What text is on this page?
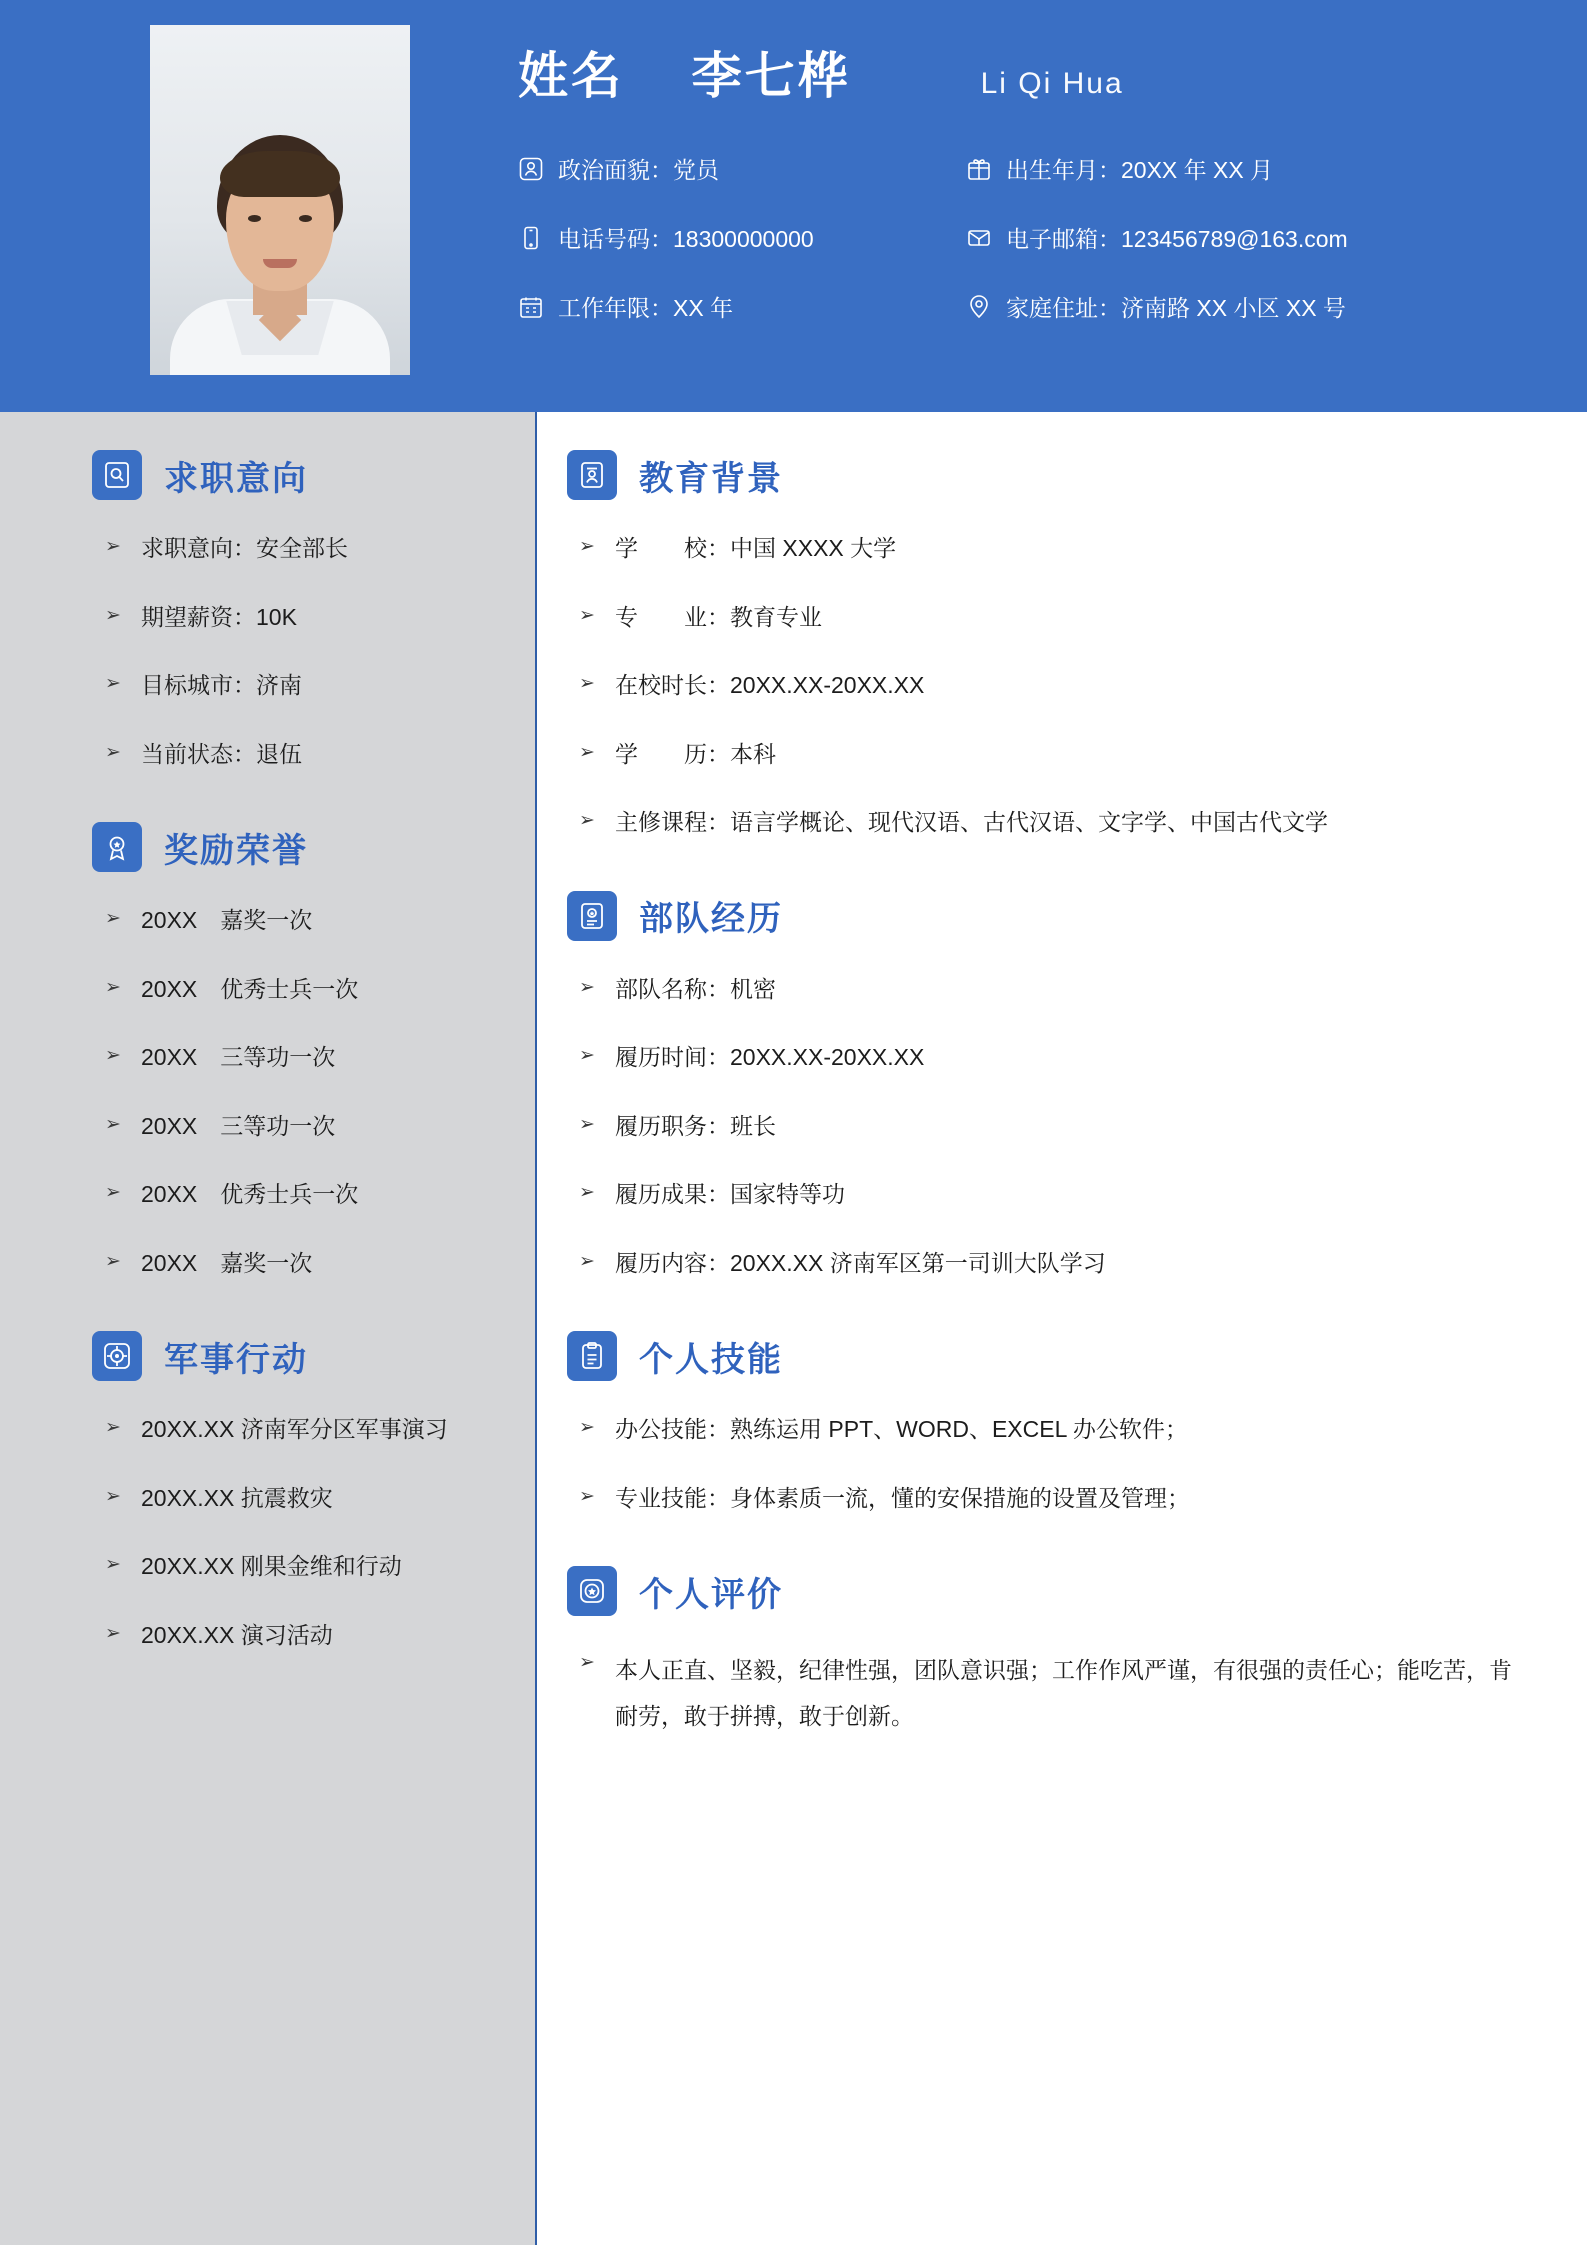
姓名 李七桦	Li Qi Hua
政治面貌：党员	出生年月：20XX 年 XX 月
电话号码：18300000000	电子邮箱：123456789@163.com
工作年限：XX 年	家庭住址：济南路 XX 小区 XX 号
求职意向
➢ 求职意向：安全部长
➢ 期望薪资：10K
➢ 目标城市：济南
➢ 当前状态：退伍
奖励荣誉
➢ 20XX 嘉奖一次
➢ 20XX 优秀士兵一次
➢ 20XX 三等功一次
➢ 20XX 三等功一次
➢ 20XX 优秀士兵一次
➢ 20XX 嘉奖一次
军事行动
➢ 20XX.XX 济南军分区军事演习
➢ 20XX.XX 抗震救灾
➢ 20XX.XX 刚果金维和行动
➢ 20XX.XX 演习活动
教育背景
➢ 学　　校：中国 XXXX 大学
➢ 专　　业：教育专业
➢ 在校时长：20XX.XX-20XX.XX
➢ 学　　历：本科
➢ 主修课程：语言学概论、现代汉语、古代汉语、文字学、中国古代文学
部队经历
➢ 部队名称：机密
➢ 履历时间：20XX.XX-20XX.XX
➢ 履历职务：班长
➢ 履历成果：国家特等功
➢ 履历内容：20XX.XX 济南军区第一司训大队学习
个人技能
➢ 办公技能：熟练运用 PPT、WORD、EXCEL 办公软件；
➢ 专业技能：身体素质一流，懂的安保措施的设置及管理；
个人评价
➢ 本人正直、坚毅，纪律性强，团队意识强；工作作风严谨，有很强的责任心；能吃苦，肯耐劳，敢于拼搏，敢于创新。
